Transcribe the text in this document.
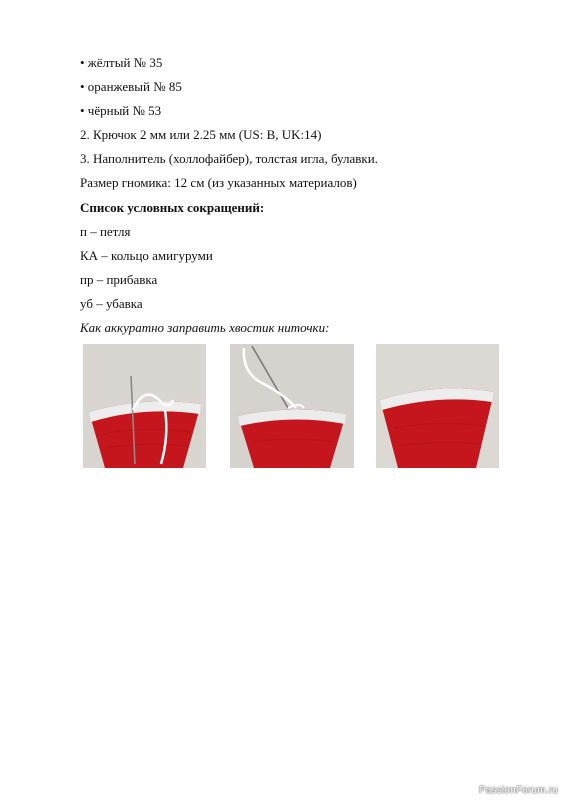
• жёлтый № 35
• оранжевый № 85
• чёрный № 53
2. Крючок 2 мм или 2.25 мм (US: B, UK:14)
3. Наполнитель (холлофайбер), толстая игла, булавки.
Размер гномика: 12 см (из указанных материалов)
Список условных сокращений:
п – петля
КА – кольцо амигуруми
пр – прибавка
уб – убавка
Как аккуратно заправить хвостик ниточки:
PassionForum.ru
